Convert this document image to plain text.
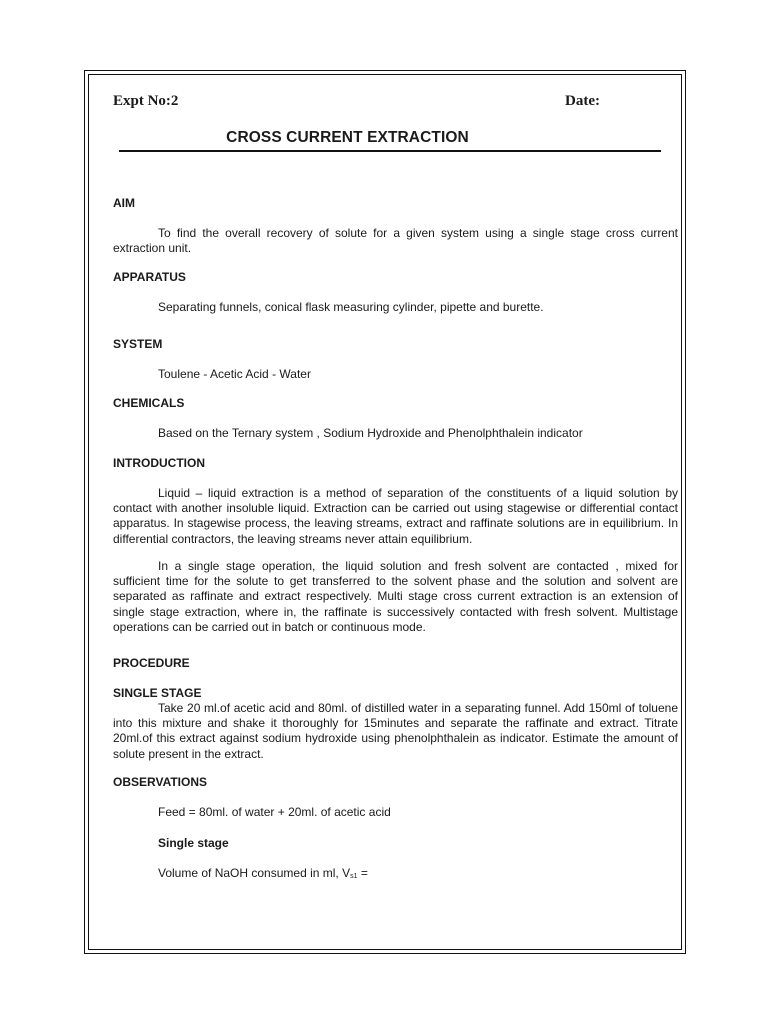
Expt No:2	Date:
CROSS CURRENT EXTRACTION
AIM
To find the overall recovery of solute for a given system using a single stage cross current extraction unit.
APPARATUS
Separating funnels, conical flask measuring cylinder, pipette and burette.
SYSTEM
Toulene - Acetic Acid - Water
CHEMICALS
Based on the Ternary system , Sodium Hydroxide and Phenolphthalein indicator
INTRODUCTION
Liquid – liquid extraction is a method of separation of the constituents of a liquid solution by contact with another insoluble liquid. Extraction can be carried out using stagewise or differential contact apparatus. In stagewise process, the leaving streams, extract and raffinate solutions are in equilibrium. In differential contractors, the leaving streams never attain equilibrium.
In a single stage operation, the liquid solution and fresh solvent are contacted , mixed for sufficient time for the solute to get transferred to the solvent phase and the solution and solvent are separated as raffinate and extract respectively. Multi stage cross current extraction is an extension of single stage extraction, where in, the raffinate is successively contacted with fresh solvent. Multistage operations can be carried out in batch or continuous mode.
PROCEDURE
SINGLE STAGE
Take 20 ml.of acetic acid and 80ml. of distilled water in a separating funnel. Add 150ml of toluene into this mixture and shake it thoroughly for 15minutes and separate the raffinate and extract. Titrate 20ml.of this extract against sodium hydroxide using phenolphthalein as indicator. Estimate the amount of solute present in the extract.
OBSERVATIONS
Feed = 80ml. of water + 20ml. of acetic acid
Single stage
Volume of NaOH consumed in ml, $V_{s1}$ =
